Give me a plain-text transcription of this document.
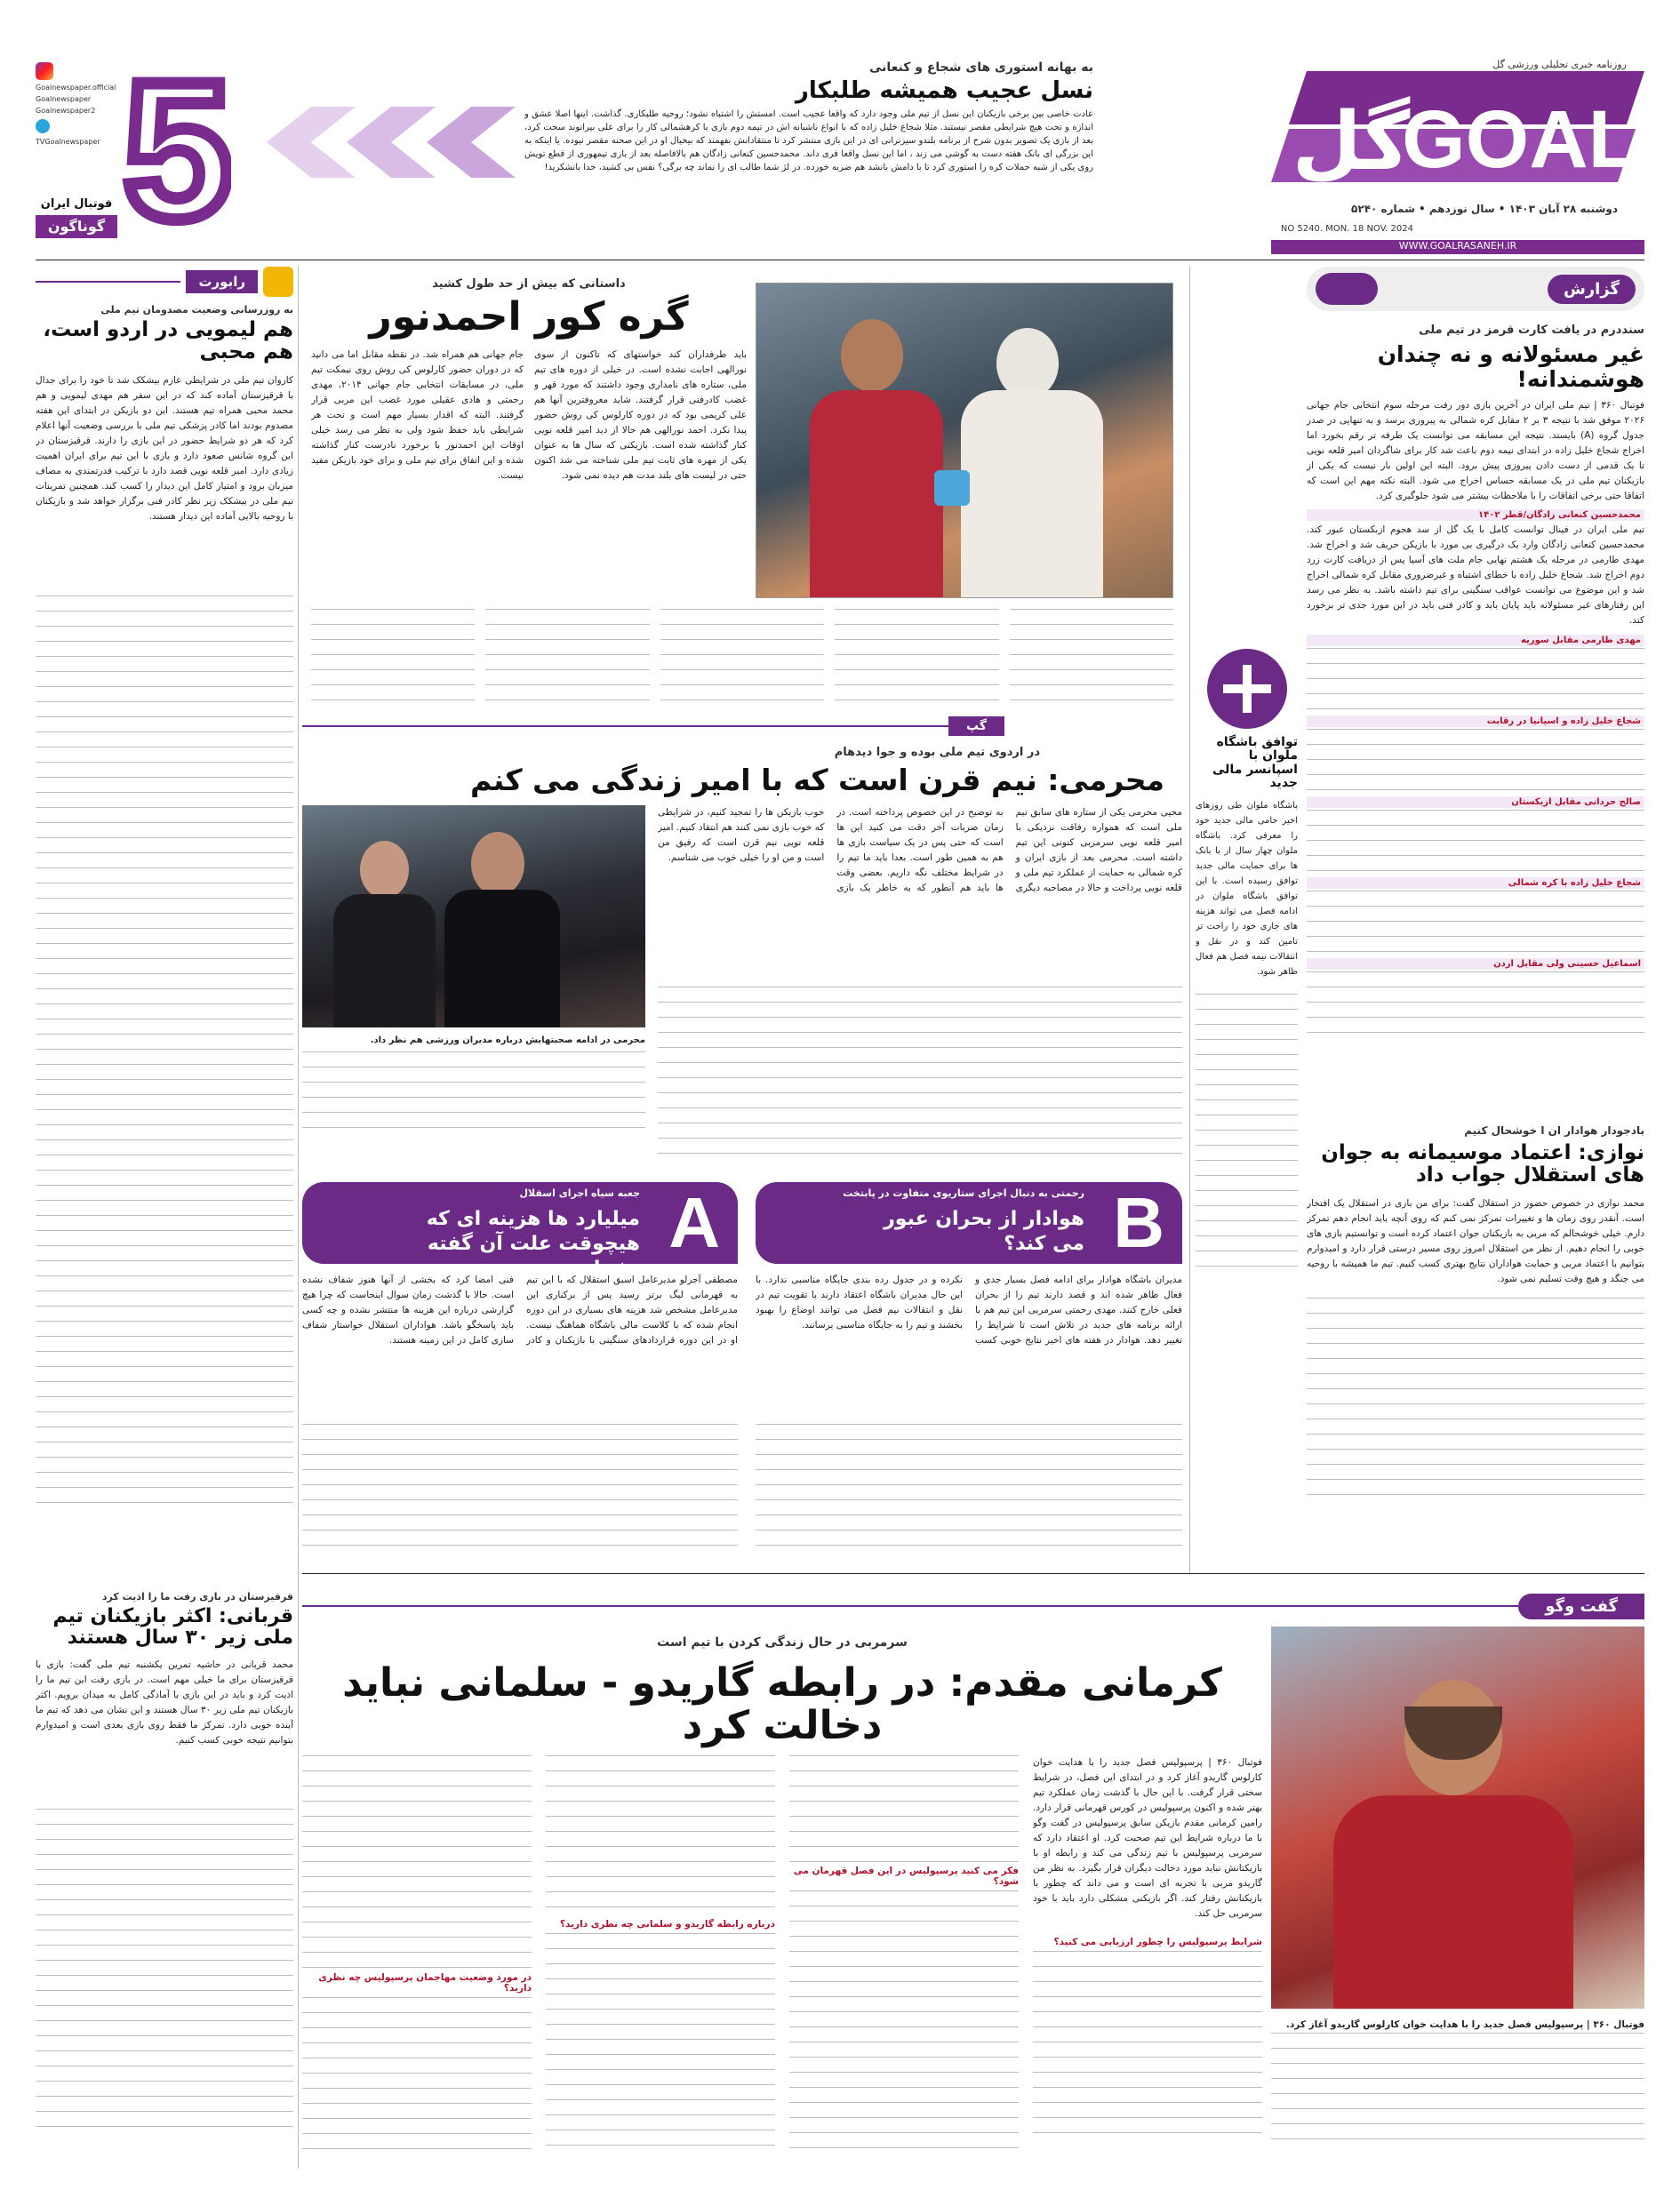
GOAL
گل
روزنامه خبری تحلیلی ورزشی گل
دوشنبه ۲۸ آبان ۱۴۰۳ • سال نوزدهم • شماره ۵۲۴۰
NO 5240. MON. 18 NOV. 2024
WWW.GOALRASANEH.IR
به بهانه استوری های شجاع و کنعانی
نسل عجیب همیشه طلبکار
عادت خاصی بین برخی بازیکنان این نسل از تیم ملی وجود دارد که واقعا عجیب است. امستش را اشتباه نشود؛ روحیه طلبکاری. گذاشت. اینها اصلا عشق و اندازه و تحت هیچ شرایطی مقصر نیستند. مثلا شجاع خلیل زاده که با انواع ناشیانه اش در تیمه دوم بازی با کرهشمالی کار را برای علی بیرانوند سخت کرد، بعد از بازی یک تصویر بدون شرح از برنامه بلندو سیزنرانی ای در این بازی منتشر کرد تا منتقادانش بفهمند که بیخیال او در این صحنه مقصر نبوده. یا اینکه به این بزرگی ای بانک هفته دست به گوشی می زند ، اما این نسل واقعا فری داند. محمدحسین کنعانی زادگان هم بالافاصله بعد از بازی تیمهوری از قطع تویش روی یکی از شبه حملات کره را استوری کرد تا با دامش بانشد هم ضربه خورده. در لژ شما طالب ای را نماند چه برگی؟ نفس بی کشید، خدا بانشکرید!
5
Goalnewspaper.official
Goalnewspaper
Goalnewspaper2
TVGoalnewspaper
فوتبال ایران
گوناگون
گزارش
سنددرم در یافت کارت قرمز در تیم ملی
غیر مسئولانه و نه چندان هوشمندانه!
فوتبال ۳۶۰ | تیم ملی ایران در آخرین بازی دور رفت مرحله سوم انتخابی جام جهانی ۲۰۲۶ موفق شد با نتیجه ۳ بر ۲ مقابل کره شمالی به پیروزی برسد و به تنهایی در صدر جدول گروه (A) بایستد. نتیجه این مسابقه می توانست یک طرفه تر رقم بخورد اما اخراج شجاع خلیل زاده در ابتدای نیمه دوم باعث شد کار برای شاگردان امیر قلعه نویی تا یک قدمی از دست دادن پیروزی پیش برود. البته این اولین بار نیست که یکی از بازیکنان تیم ملی در یک مسابقه حساس اخراج می شود. البته نکته مهم این است که اتفاقا حتی برخی اتفاقات را با ملاحظات بیشتر می شود جلوگیری کرد.
محمدحسین کنعانی زادگان/قطر ۱۴۰۲
تیم ملی ایران در فینال توانست کامل با یک گل از سد هجوم ازبکستان عبور کند. محمدحسین کنعانی زادگان وارد یک درگیری بی مورد با بازیکن حریف شد و اخراج شد. مهدی طارمی در مرحله یک هشتم نهایی جام ملت های آسیا پس از دریافت کارت زرد دوم اخراج شد. شجاع خلیل زاده با خطای اشتباه و غیرضروری مقابل کره شمالی اخراج شد و این موضوع می توانست عواقب سنگینی برای تیم داشته باشد. به نظر می رسد این رفتارهای غیر مسئولانه باید پایان یابد و کادر فنی باید در این مورد جدی تر برخورد کند.
مهدی طارمی مقابل سوریه
شجاع خلیل زاده و اسپانیا در رقابت
صالح حردانی مقابل ازبکستان
شجاع خلیل زاده با کره شمالی
اسماعیل حسینی ولی مقابل اردن
بادجودار هوادار ان ا خوشحال کنیم
نوازی: اعتماد موسیمانه به جوان های استقلال جواب داد
محمد نوازی در خصوص حضور در استقلال گفت: برای من بازی در استقلال یک افتخار است. آنقدر روی زمان ها و تغییرات تمرکز نمی کنم که روی آنچه باید انجام دهم تمرکز دارم. خیلی خوشحالم که مربی به بازیکنان جوان اعتماد کرده است و توانستیم بازی های خوبی را انجام دهیم. از نظر من استقلال امروز روی مسیر درستی قرار دارد و امیدوارم بتوانیم با اعتماد مربی و حمایت هواداران نتایج بهتری کسب کنیم. تیم ما همیشه با روحیه می جنگد و هیچ وقت تسلیم نمی شود.
توافق باشگاه ملوان با اسپانسر مالی جدید
باشگاه ملوان طی روزهای اخیر حامی مالی جدید خود را معرفی کرد. باشگاه ملوان چهار سال از با بانک ها برای حمایت مالی جدید توافق رسیده است. با این توافق باشگاه ملوان در ادامه فصل می تواند هزینه های جاری خود را راحت تر تامین کند و در نقل و انتقالات نیمه فصل هم فعال ظاهر شود.
داستانی که بیش از حد طول کشید
گره کور احمدنور
باید طرفداران کند خواستهای که تاکنون از سوی نورالهی اجابت نشده است. در خیلی از دوره های تیم ملی، ستاره های نامداری وجود داشتند که مورد قهر و غضب کادرفنی قرار گرفتند. شاید معروفترین آنها هم علی کریمی بود که در دوره کارلوس کی روش حضور پیدا نکرد. احمد نورالهی هم حالا از دید امیر قلعه نویی کنار گذاشته شده است. بازیکنی که سال ها به عنوان یکی از مهره های ثابت تیم ملی شناخته می شد اکنون حتی در لیست های بلند مدت هم دیده نمی شود.
جام جهانی هم همراه شد. در نقطه مقابل اما می دانید که در دوران حضور کارلوس کی روش روی نیمکت تیم ملی، در مسابقات انتخابی جام جهانی ۲۰۱۴، مهدی رحمتی و هادی عقیلی مورد غضب این مربی قرار گرفتند. البته که اقدار بسیار مهم است و تحت هر شرایطی باید حفظ شود ولی به نظر می رسد خیلی اوقات این احمدنور با برخورد نادرست کنار گذاشته شده و این اتفاق برای تیم ملی و برای خود بازیکن مفید نیست.
گپ
در اردوی تیم ملی بوده و جوا دیدهام
محرمی: نیم قرن است که با امیر زندگی می کنم
محیی محرمی یکی از ستاره های سابق تیم ملی است که همواره رفاقت نزدیکی با امیر قلعه نویی سرمربی کنونی این تیم داشته است. محرمی بعد از بازی ایران و کره شمالی به حمایت از عملکرد تیم ملی و قلعه نویی پرداخت و حالا در مصاحبه دیگری به توضیح در این خصوص پرداخته است. در زمان ضربات آخر دقت می کنید این ها است که حتی پس در یک سیاست بازی ها هم به همین طور است. بعدا باید ما تیم را در شرایط مختلف نگه داریم. بعضی وقت ها باید هم آنطور که به خاطر یک بازی خوب بازیکن ها را تمجید کنیم، در شرایطی که خوب بازی نمی کنند هم انتقاد کنیم. امیر قلعه نویی نیم قرن است که رفیق من است و من او را خیلی خوب می شناسم.
محرمی در ادامه صحبتهایش درباره مدیران ورزشی هم نظر داد.
B
رحمتی به دنبال اجرای ستاریوی متفاوت در پابتخت
هوادار از بحران عبور می کند؟
مدیران باشگاه هوادار برای ادامه فصل بسیار جدی و فعال ظاهر شده اند و قصد دارند تیم را از بحران فعلی خارج کنند. مهدی رحمتی سرمربی این تیم هم با ارائه برنامه های جدید در تلاش است تا شرایط را تغییر دهد. هوادار در هفته های اخیر نتایج خوبی کسب نکرده و در جدول رده بندی جایگاه مناسبی ندارد. با این حال مدیران باشگاه اعتقاد دارند با تقویت تیم در نقل و انتقالات نیم فصل می توانند اوضاع را بهبود بخشند و تیم را به جایگاه مناسبی برسانند.
A
جعبه سیاه اجرای اسقلال
میلیارد ها هزینه ای که هیچوقت علت آن گفته نشد!
مصطفی آجرلو مدیرعامل اسبق استقلال که با این تیم به قهرمانی لیگ برتر رسید پس از برکناری این مدیرعامل مشخص شد هزینه های بسیاری در این دوره انجام شده که با کلاست مالی باشگاه هماهنگ نیست. او در این دوره قراردادهای سنگینی با بازیکنان و کادر فنی امضا کرد که بخشی از آنها هنوز شفاف نشده است. حالا با گذشت زمان سوال اینجاست که چرا هیچ گزارشی درباره این هزینه ها منتشر نشده و چه کسی باید پاسخگو باشد. هواداران استقلال خواستار شفاف سازی کامل در این زمینه هستند.
رابورت
به روزرسانی وضعیت مصدومان تیم ملی
هم لیمویی در اردو است، هم محبی
کاروان تیم ملی در شرایطی عازم بیشکک شد تا خود را برای جدال با قرقیزستان آماده کند که در این سفر هم مهدی لیمویی و هم محمد محبی همراه تیم هستند. این دو بازیکن در ابتدای این هفته مصدوم بودند اما کادر پزشکی تیم ملی با بررسی وضعیت آنها اعلام کرد که هر دو شرایط حضور در این بازی را دارند. قرقیزستان در این گروه شانس صعود دارد و بازی با این تیم برای ایران اهمیت زیادی دارد. امیر قلعه نویی قصد دارد با ترکیب قدرتمندی به مصاف میزبان برود و امتیاز کامل این دیدار را کسب کند. همچنین تمرینات تیم ملی در بیشکک زیر نظر کادر فنی برگزار خواهد شد و بازیکنان با روحیه بالایی آماده این دیدار هستند.
قرقیزستان در بازی رفت ما را اذیت کرد
قربانی: اکثر بازیکنان تیم ملی زیر ۳۰ سال هستند
محمد قربانی در حاشیه تمرین یکشنبه تیم ملی گفت: بازی با قرقیزستان برای ما خیلی مهم است. در بازی رفت این تیم ما را اذیت کرد و باید در این بازی با آمادگی کامل به میدان برویم. اکثر بازیکنان تیم ملی زیر ۳۰ سال هستند و این نشان می دهد که تیم ما آینده خوبی دارد. تمرکز ما فقط روی بازی بعدی است و امیدوارم بتوانیم نتیجه خوبی کسب کنیم.
گفت وگو
سرمربی در حال زندگی کردن با تیم است
کرمانی مقدم: در رابطه گاریدو - سلمانی نباید دخالت کرد
فوتبال ۳۶۰ | پرسپولیس فصل جدید را با هدایت خوان کارلوس گاریدو آغاز کرد.
فوتبال ۳۶۰ | پرسپولیس فصل جدید را با هدایت خوان کارلوس گاریدو آغاز کرد و در ابتدای این فصل، در شرایط سختی قرار گرفت. با این حال با گذشت زمان عملکرد تیم بهتر شده و اکنون پرسپولیس در کورس قهرمانی قرار دارد. رامین کرمانی مقدم بازیکن سابق پرسپولیس در گفت وگو با ما درباره شرایط این تیم صحبت کرد. او اعتقاد دارد که سرمربی پرسپولیس با تیم زندگی می کند و رابطه او با بازیکنانش نباید مورد دخالت دیگران قرار بگیرد. به نظر من گاریدو مربی با تجربه ای است و می داند که چطور با بازیکنانش رفتار کند. اگر بازیکنی مشکلی دارد باید با خود سرمربی حل کند.
شرایط پرسپولیس را چطور ارزیابی می کنید؟
فکر می کنید پرسپولیس در این فصل قهرمان می شود؟
درباره رابطه گاریدو و سلمانی چه نظری دارید؟
در مورد وضعیت مهاجمان پرسپولیس چه نظری دارید؟
